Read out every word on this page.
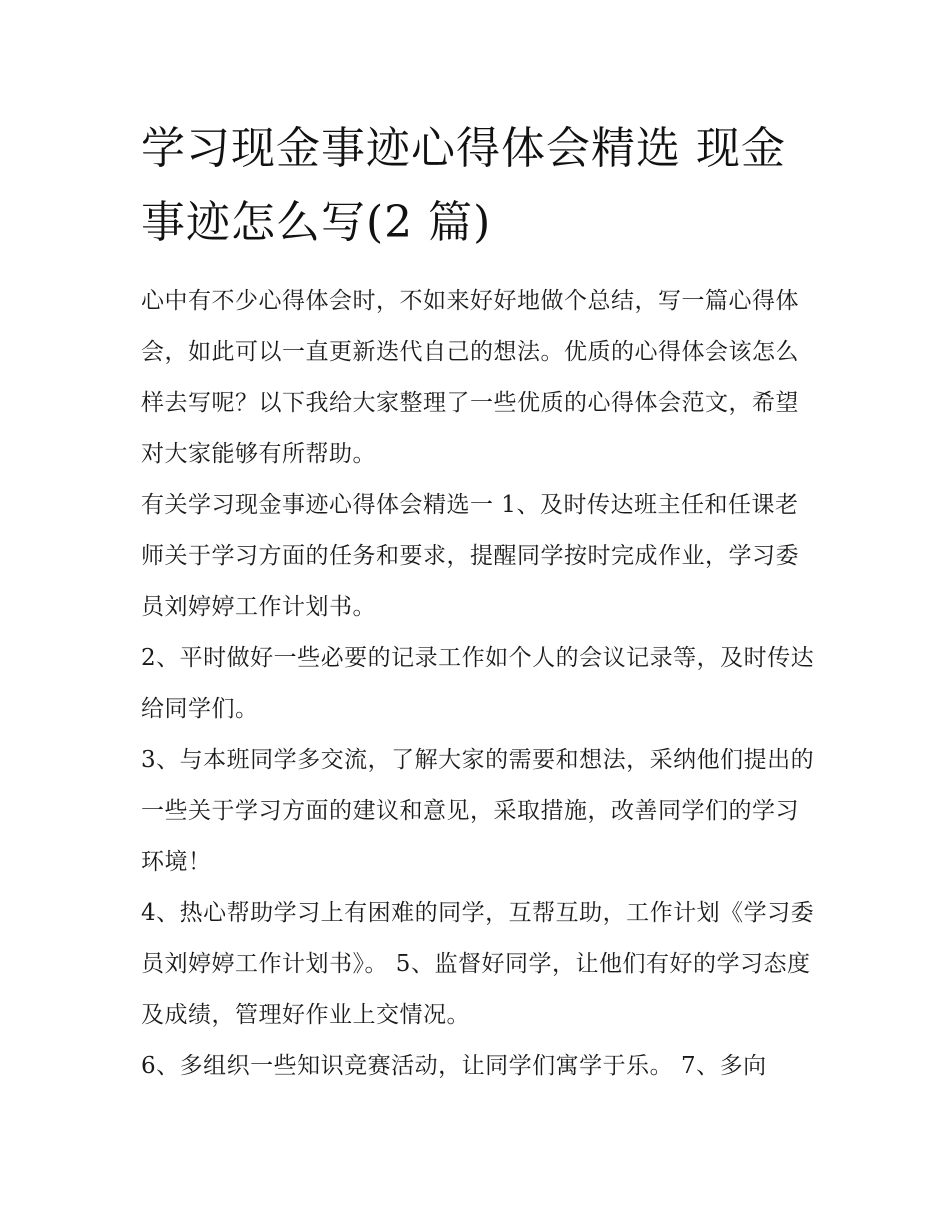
学习现金事迹心得体会精选 现金事迹怎么写(2 篇)

心中有不少心得体会时，不如来好好地做个总结，写一篇心得体会，如此可以一直更新迭代自己的想法。优质的心得体会该怎么样去写呢？以下我给大家整理了一些优质的心得体会范文，希望对大家能够有所帮助。

有关学习现金事迹心得体会精选一 1、及时传达班主任和任课老师关于学习方面的任务和要求，提醒同学按时完成作业，学习委员刘婷婷工作计划书。

2、平时做好一些必要的记录工作如个人的会议记录等，及时传达给同学们。

3、与本班同学多交流，了解大家的需要和想法，采纳他们提出的一些关于学习方面的建议和意见，采取措施，改善同学们的学习环境！

4、热心帮助学习上有困难的同学，互帮互助，工作计划《学习委员刘婷婷工作计划书》。 5、监督好同学，让他们有好的学习态度及成绩，管理好作业上交情况。

6、多组织一些知识竞赛活动，让同学们寓学于乐。 7、多向
